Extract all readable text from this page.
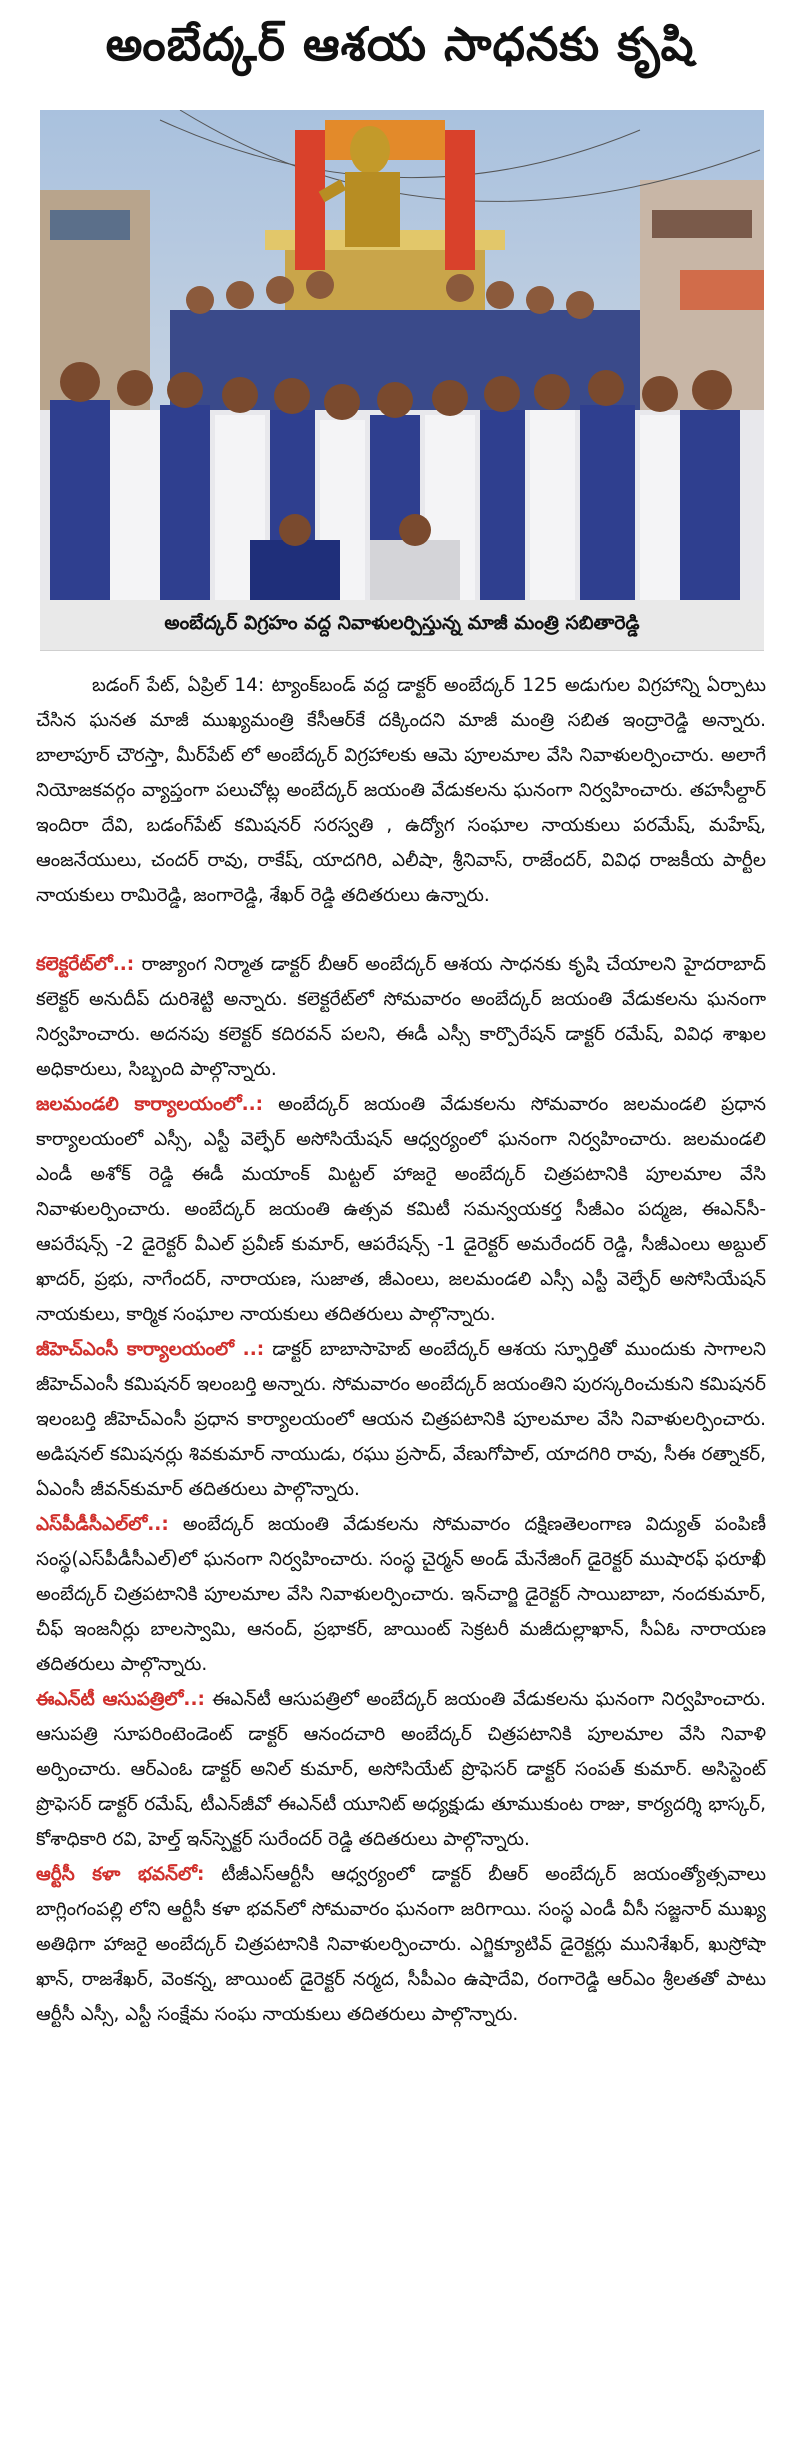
అంబేద్కర్ ఆశయ సాధనకు కృషి
అంబేద్కర్ విగ్రహం వద్ద నివాళులర్పిస్తున్న మాజీ మంత్రి సబితారెడ్డి

బడంగ్ పేట్, ఏప్రిల్ 14: ట్యాంక్‌బండ్ వద్ద డాక్టర్ అంబేద్కర్ 125 అడుగుల విగ్రహాన్ని ఏర్పాటు చేసిన ఘనత మాజీ ముఖ్యమంత్రి కేసీఆర్‌కే దక్కిందని మాజీ మంత్రి సబిత ఇంద్రారెడ్డి అన్నారు. బాలాపూర్ చౌరస్తా, మీర్‌పేట్ లో అంబేద్కర్ విగ్రహాలకు ఆమె పూలమాల వేసి నివాళులర్పించారు. అలాగే నియోజకవర్గం వ్యాప్తంగా పలుచోట్ల అంబేద్కర్ జయంతి వేడుకలను ఘనంగా నిర్వహించారు. తహసీల్దార్ ఇందిరా దేవి, బడంగ్‌పేట్ కమిషనర్ సరస్వతి , ఉద్యోగ సంఘాల నాయకులు పరమేష్, మహేష్, ఆంజనేయులు, చందర్ రావు, రాకేష్, యాదగిరి, ఎలీషా, శ్రీనివాస్, రాజేందర్, వివిధ రాజకీయ పార్టీల నాయకులు రామిరెడ్డి, జంగారెడ్డి, శేఖర్ రెడ్డి తదితరులు ఉన్నారు.

కలెక్టరేట్‌లో..: రాజ్యాంగ నిర్మాత డాక్టర్ బీఆర్ అంబేద్కర్ ఆశయ సాధనకు కృషి చేయాలని హైదరాబాద్ కలెక్టర్ అనుదీప్ దురిశెట్టి అన్నారు. కలెక్టరేట్‌లో సోమవారం అంబేద్కర్ జయంతి వేడుకలను ఘనంగా నిర్వహించారు. అదనపు కలెక్టర్ కదిరవన్ పలని, ఈడీ ఎస్సీ కార్పొరేషన్ డాక్టర్ రమేష్, వివిధ శాఖల అధికారులు, సిబ్బంది పాల్గొన్నారు.

జలమండలి కార్యాలయంలో..: అంబేద్కర్ జయంతి వేడుకలను సోమవారం జలమండలి ప్రధాన కార్యాలయంలో ఎస్సీ, ఎస్టీ వెల్ఫేర్ అసోసియేషన్ ఆధ్వర్యంలో ఘనంగా నిర్వహించారు. జలమండలి ఎండీ అశోక్ రెడ్డి ఈడీ మయాంక్ మిట్టల్ హాజరై అంబేద్కర్ చిత్రపటానికి పూలమాల వేసి నివాళులర్పించారు. అంబేద్కర్ జయంతి ఉత్సవ కమిటీ సమన్వయకర్త సీజీఎం పద్మజ, ఈఎన్‌సీ- ఆపరేషన్స్ -2 డైరెక్టర్ వీఎల్ ప్రవీణ్ కుమార్, ఆపరేషన్స్ -1 డైరెక్టర్ అమరేందర్ రెడ్డి, సీజీఎంలు అబ్దుల్ ఖాదర్, ప్రభు, నాగేందర్, నారాయణ, సుజాత, జీఎంలు, జలమండలి ఎస్సీ ఎస్టీ వెల్ఫేర్ అసోసియేషన్ నాయకులు, కార్మిక సంఘాల నాయకులు తదితరులు పాల్గొన్నారు.

జీహెచ్ఎంసీ కార్యాలయంలో ..: డాక్టర్ బాబాసాహెబ్ అంబేద్కర్ ఆశయ స్ఫూర్తితో ముందుకు సాగాలని జీహెచ్ఎంసీ కమిషనర్ ఇలంబర్తి అన్నారు. సోమవారం అంబేద్కర్ జయంతిని పురస్కరించుకుని కమిషనర్ ఇలంబర్తి జీహెచ్ఎంసీ ప్రధాన కార్యాలయంలో ఆయన చిత్రపటానికి పూలమాల వేసి నివాళులర్పించారు. అడిషనల్ కమిషనర్లు శివకుమార్ నాయుడు, రఘు ప్రసాద్, వేణుగోపాల్, యాదగిరి రావు, సీఈ రత్నాకర్, ఏఎంసీ జీవన్‌కుమార్ తదితరులు పాల్గొన్నారు.

ఎస్‌పీడీసీఎల్‌లో..: అంబేద్కర్ జయంతి వేడుకలను సోమవారం దక్షిణతెలంగాణ విద్యుత్ పంపిణీ సంస్థ(ఎస్‌పీడీసీఎల్)లో ఘనంగా నిర్వహించారు. సంస్థ చైర్మన్ అండ్ మేనేజింగ్ డైరెక్టర్ ముషారఫ్ ఫరూఖీ అంబేద్కర్ చిత్రపటానికి పూలమాల వేసి నివాళులర్పించారు. ఇన్‌చార్జి డైరెక్టర్ సాయిబాబా, నందకుమార్, చీఫ్ ఇంజనీర్లు బాలస్వామి, ఆనంద్, ప్రభాకర్, జాయింట్ సెక్రటరీ మజీదుల్లాఖాన్, సీఏఓ నారాయణ తదితరులు పాల్గొన్నారు.

ఈఎన్‌టీ ఆసుపత్రిలో..: ఈఎన్‌టీ ఆసుపత్రిలో అంబేద్కర్ జయంతి వేడుకలను ఘనంగా నిర్వహించారు. ఆసుపత్రి సూపరింటెండెంట్ డాక్టర్ ఆనందచారి అంబేద్కర్ చిత్రపటానికి పూలమాల వేసి నివాళి అర్పించారు. ఆర్ఎంఓ డాక్టర్ అనిల్ కుమార్, అసోసియేట్ ప్రొఫెసర్ డాక్టర్ సంపత్ కుమార్. అసిస్టెంట్ ప్రొఫెసర్ డాక్టర్ రమేష్, టీఎన్‌జీవో ఈఎన్‌టీ యూనిట్ అధ్యక్షుడు తూముకుంట రాజు, కార్యదర్శి భాస్కర్, కోశాధికారి రవి, హెల్త్ ఇన్‌స్పెక్టర్ సురేందర్ రెడ్డి తదితరులు పాల్గొన్నారు.

ఆర్టీసీ కళా భవన్‌లో: టీజీఎస్ఆర్టీసీ ఆధ్వర్యంలో డాక్టర్ బీఆర్ అంబేద్కర్ జయంత్యోత్సవాలు బాగ్లింగంపల్లి లోని ఆర్టీసీ కళా భవన్‌లో సోమవారం ఘనంగా జరిగాయి. సంస్థ ఎండీ వీసీ సజ్జనార్ ముఖ్య అతిథిగా హాజరై అంబేద్కర్ చిత్రపటానికి నివాళులర్పించారు. ఎగ్జిక్యూటివ్ డైరెక్టర్లు మునిశేఖర్, ఖుస్రోషా ఖాన్, రాజశేఖర్, వెంకన్న, జాయింట్ డైరెక్టర్ నర్మద, సీపీఎం ఉషాదేవి, రంగారెడ్డి ఆర్ఎం శ్రీలతతో పాటు ఆర్టీసీ ఎస్సీ, ఎస్టీ సంక్షేమ సంఘ నాయకులు తదితరులు పాల్గొన్నారు.
